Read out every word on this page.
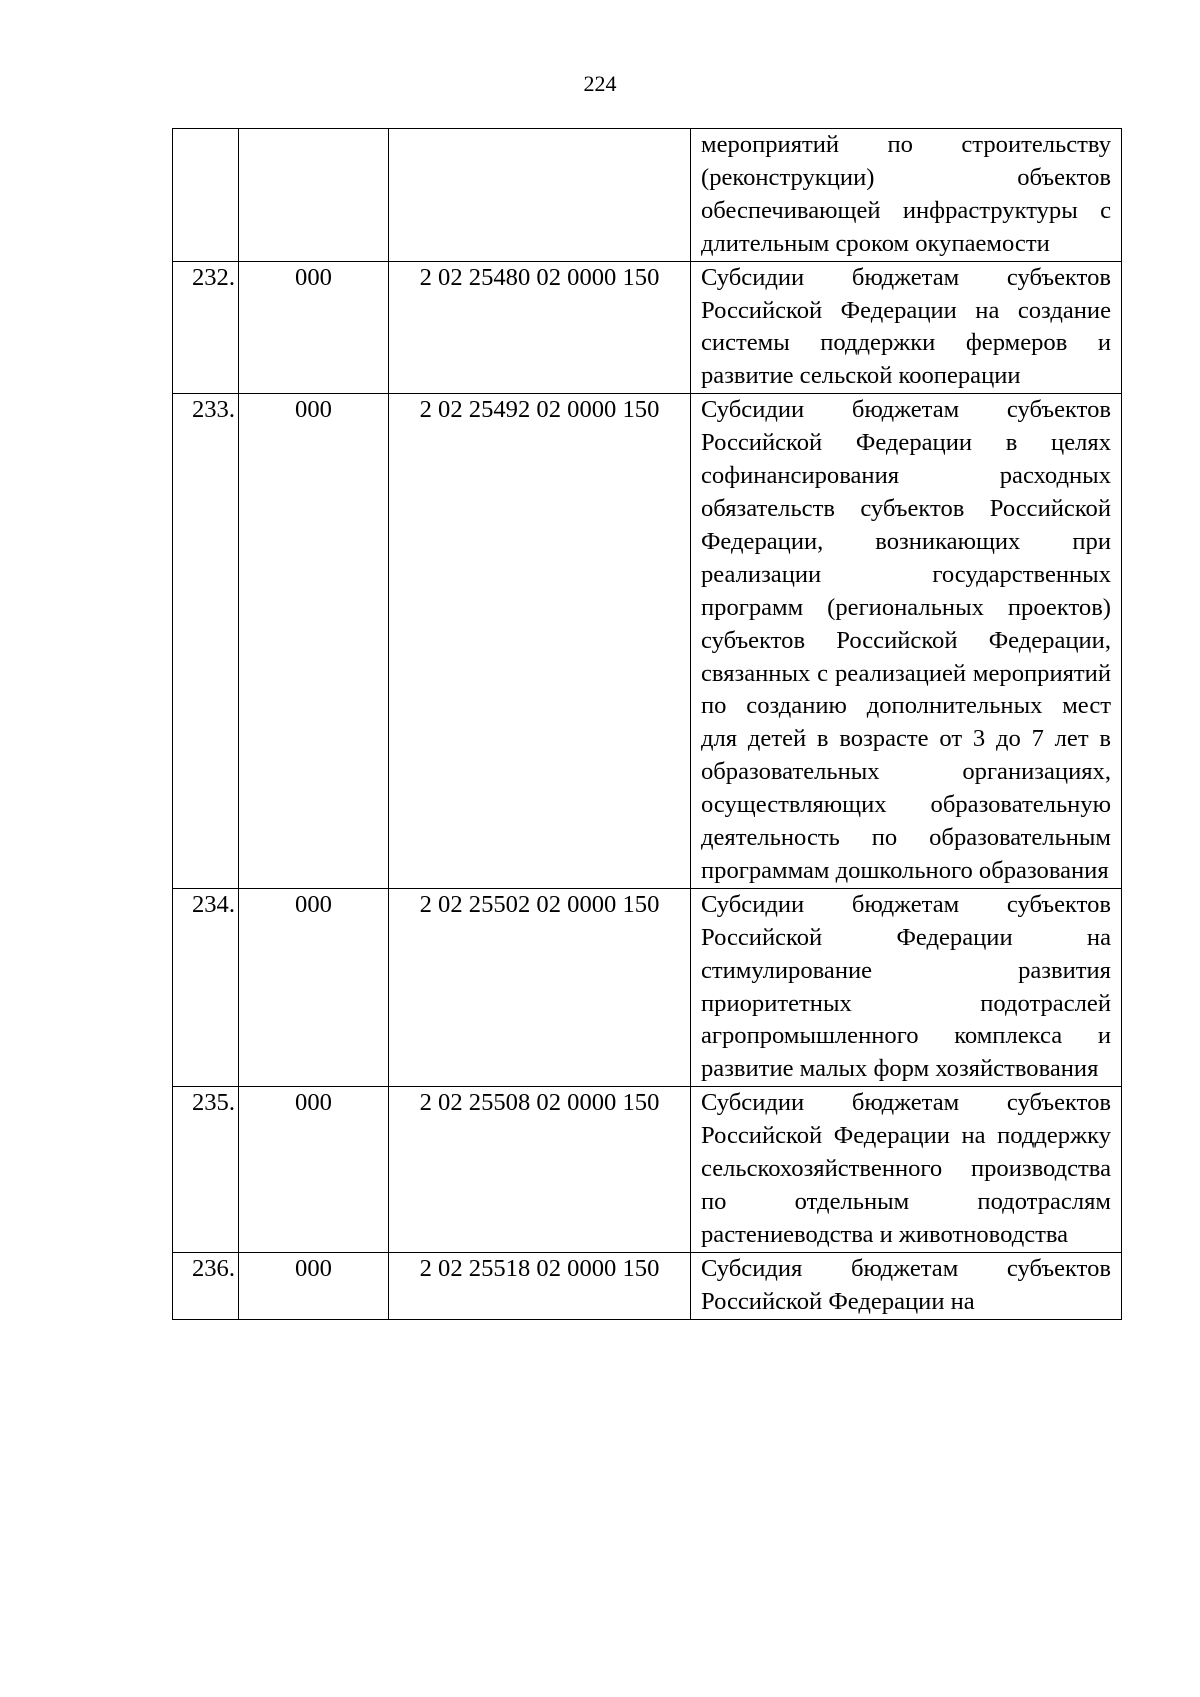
224
			мероприятий по строительству (реконструкции) объектов обеспечивающей инфраструктуры с длительным сроком окупаемости
232.	000	2 02 25480 02 0000 150	Субсидии бюджетам субъектов Российской Федерации на создание системы поддержки фермеров и развитие сельской кооперации
233.	000	2 02 25492 02 0000 150	Субсидии бюджетам субъектов Российской Федерации в целях софинансирования расходных обязательств субъектов Российской Федерации, возникающих при реализации государственных программ (региональных проектов) субъектов Российской Федерации, связанных с реализацией мероприятий по созданию дополнительных мест для детей в возрасте от 3 до 7 лет в образовательных организациях, осуществляющих образовательную деятельность по образовательным программам дошкольного образования
234.	000	2 02 25502 02 0000 150	Субсидии бюджетам субъектов Российской Федерации на стимулирование развития приоритетных подотраслей агропромышленного комплекса и развитие малых форм хозяйствования
235.	000	2 02 25508 02 0000 150	Субсидии бюджетам субъектов Российской Федерации на поддержку сельскохозяйственного производства по отдельным подотраслям растениеводства и животноводства
236.	000	2 02 25518 02 0000 150	Субсидия бюджетам субъектов Российской Федерации на
